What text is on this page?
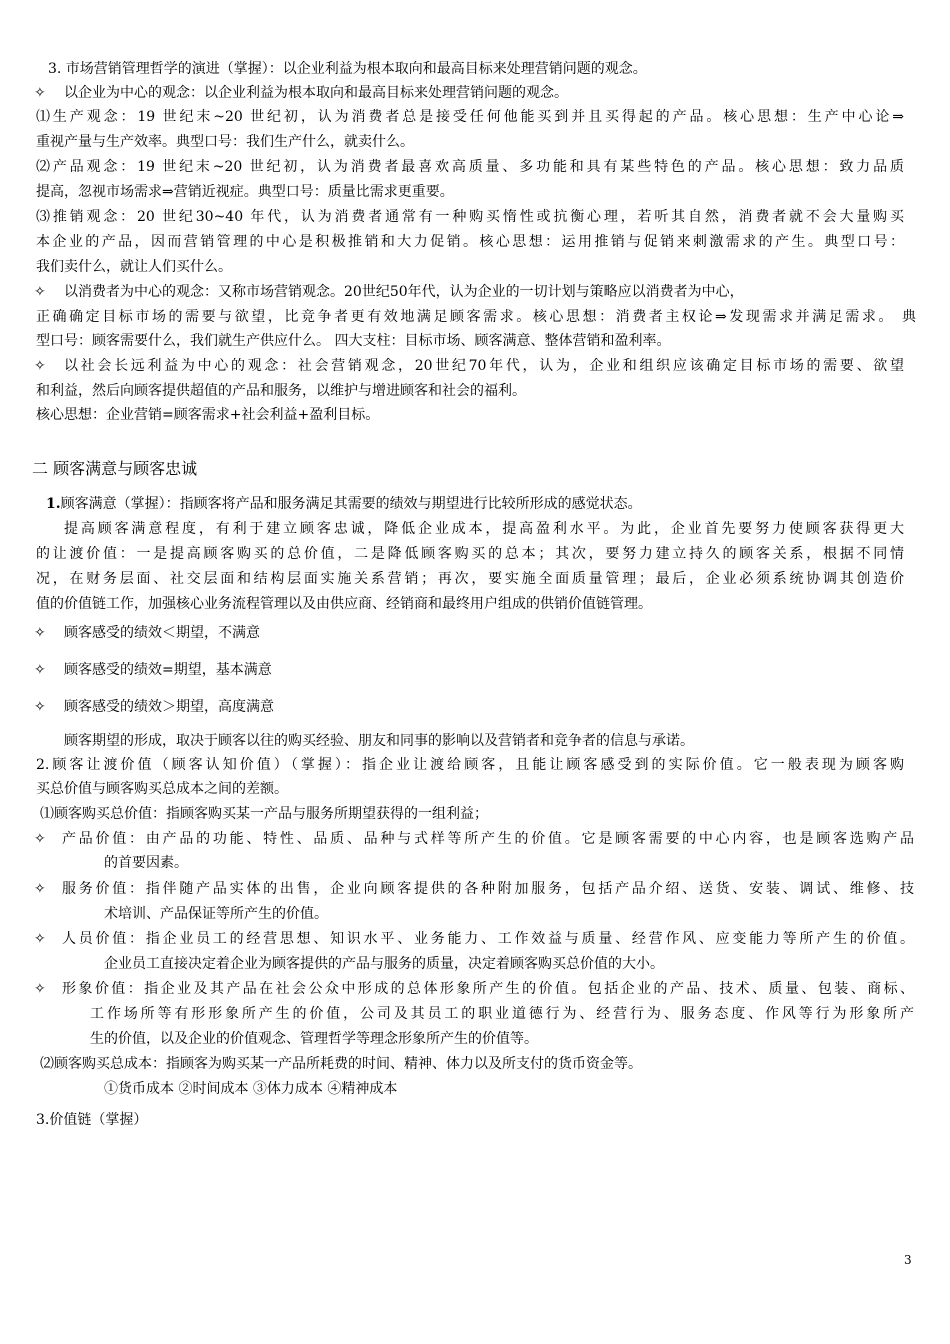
3. 市场营销管理哲学的演进（掌握）：以企业利益为根本取向和最高目标来处理营销问题的观念。
✧ 以企业为中心的观念：以企业利益为根本取向和最高目标来处理营销问题的观念。
⑴生产观念：19 世纪末~20 世纪初，认为消费者总是接受任何他能买到并且买得起的产品。核心思想：生产中心论⇒
重视产量与生产效率。典型口号：我们生产什么，就卖什么。
⑵产品观念：19 世纪末~20 世纪初，认为消费者最喜欢高质量、多功能和具有某些特色的产品。核心思想：致力品质
提高，忽视市场需求⇒营销近视症。典型口号：质量比需求更重要。
⑶推销观念：20 世纪30~40 年代，认为消费者通常有一种购买惰性或抗衡心理，若听其自然，消费者就不会大量购买
本企业的产品，因而营销管理的中心是积极推销和大力促销。核心思想：运用推销与促销来刺激需求的产生。典型口号：
我们卖什么，就让人们买什么。
✧ 以消费者为中心的观念：又称市场营销观念。20世纪50年代，认为企业的一切计划与策略应以消费者为中心，
正确确定目标市场的需要与欲望，比竞争者更有效地满足顾客需求。核心思想：消费者主权论⇒发现需求并满足需求。 典
型口号：顾客需要什么，我们就生产供应什么。 四大支柱：目标市场、顾客满意、整体营销和盈利率。
✧ 以社会长远利益为中心的观念：社会营销观念，20世纪70年代，认为，企业和组织应该确定目标市场的需要、欲望
和利益，然后向顾客提供超值的产品和服务，以维护与增进顾客和社会的福利。
核心思想：企业营销=顾客需求+社会利益+盈利目标。
二 顾客满意与顾客忠诚
1.顾客满意（掌握）：指顾客将产品和服务满足其需要的绩效与期望进行比较所形成的感觉状态。
提高顾客满意程度，有利于建立顾客忠诚，降低企业成本，提高盈利水平。为此，企业首先要努力使顾客获得更大
的让渡价值：一是提高顾客购买的总价值，二是降低顾客购买的总本；其次，要努力建立持久的顾客关系，根据不同情
况，在财务层面、社交层面和结构层面实施关系营销；再次，要实施全面质量管理；最后，企业必须系统协调其创造价
值的价值链工作，加强核心业务流程管理以及由供应商、经销商和最终用户组成的供销价值链管理。
✧ 顾客感受的绩效＜期望，不满意
✧ 顾客感受的绩效=期望，基本满意
✧ 顾客感受的绩效＞期望，高度满意
顾客期望的形成，取决于顾客以往的购买经验、朋友和同事的影响以及营销者和竞争者的信息与承诺。
2.顾客让渡价值（顾客认知价值）（掌握）：指企业让渡给顾客，且能让顾客感受到的实际价值。它一般表现为顾客购
买总价值与顾客购买总成本之间的差额。
⑴顾客购买总价值：指顾客购买某一产品与服务所期望获得的一组利益；
✧ 产品价值：由产品的功能、特性、品质、品种与式样等所产生的价值。它是顾客需要的中心内容，也是顾客选购产品
的首要因素。
✧ 服务价值：指伴随产品实体的出售，企业向顾客提供的各种附加服务，包括产品介绍、送货、安装、调试、维修、技
术培训、产品保证等所产生的价值。
✧ 人员价值：指企业员工的经营思想、知识水平、业务能力、工作效益与质量、经营作风、应变能力等所产生的价值。
企业员工直接决定着企业为顾客提供的产品与服务的质量，决定着顾客购买总价值的大小。
✧ 形象价值：指企业及其产品在社会公众中形成的总体形象所产生的价值。包括企业的产品、技术、质量、包装、商标、
工作场所等有形形象所产生的价值，公司及其员工的职业道德行为、经营行为、服务态度、作风等行为形象所产
生的价值，以及企业的价值观念、管理哲学等理念形象所产生的价值等。
⑵顾客购买总成本：指顾客为购买某一产品所耗费的时间、精神、体力以及所支付的货币资金等。
①货币成本 ②时间成本 ③体力成本 ④精神成本
3.价值链（掌握）
3
